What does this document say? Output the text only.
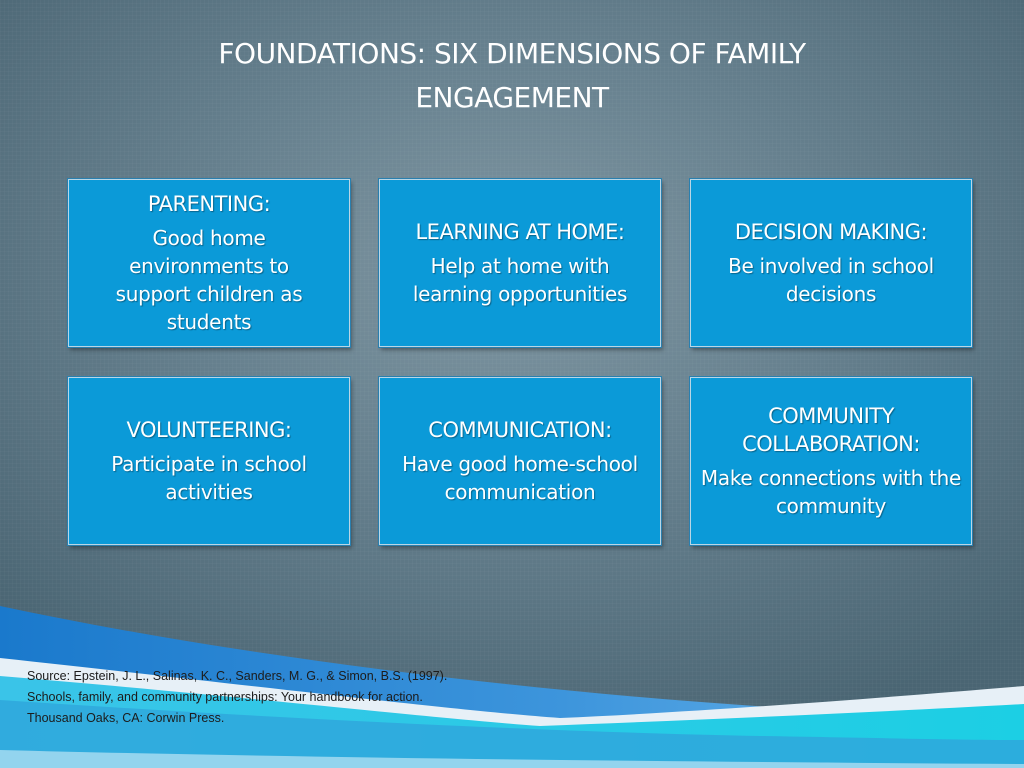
FOUNDATIONS: SIX DIMENSIONS OF FAMILY ENGAGEMENT
PARENTING:
Good home environments to support children as students
LEARNING AT HOME:
Help at home with learning opportunities
DECISION MAKING:
Be involved in school decisions
VOLUNTEERING:
Participate in school activities
COMMUNICATION:
Have good home-school communication
COMMUNITY COLLABORATION:
Make connections with the community
Source: Epstein, J. L., Salinas, K. C., Sanders, M. G., & Simon, B.S. (1997).
Schools, family, and community partnerships: Your handbook for action.
Thousand Oaks, CA: Corwin Press.
